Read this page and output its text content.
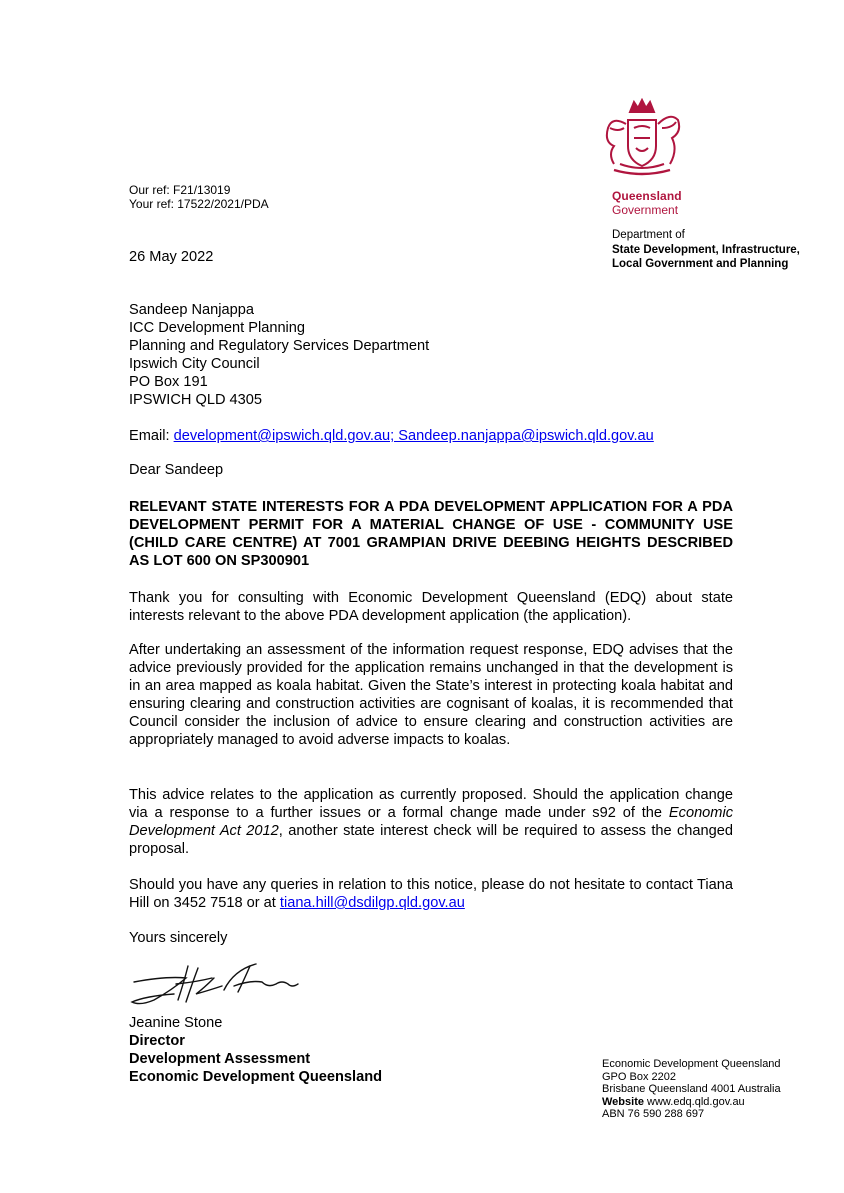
Queensland
Government
Department of
State Development, Infrastructure,
Local Government and Planning
Our ref: F21/13019
Your ref: 17522/2021/PDA
26 May 2022
Sandeep Nanjappa
ICC Development Planning
Planning and Regulatory Services Department
Ipswich City Council
PO Box 191
IPSWICH QLD 4305
Email: development@ipswich.qld.gov.au; Sandeep.nanjappa@ipswich.qld.gov.au
Dear Sandeep
RELEVANT STATE INTERESTS FOR A PDA DEVELOPMENT APPLICATION FOR A PDA DEVELOPMENT PERMIT FOR A MATERIAL CHANGE OF USE - COMMUNITY USE (CHILD CARE CENTRE) AT 7001 GRAMPIAN DRIVE DEEBING HEIGHTS DESCRIBED AS LOT 600 ON SP300901
Thank you for consulting with Economic Development Queensland (EDQ) about state interests relevant to the above PDA development application (the application).
After undertaking an assessment of the information request response, EDQ advises that the advice previously provided for the application remains unchanged in that the development is in an area mapped as koala habitat. Given the State’s interest in protecting koala habitat and ensuring clearing and construction activities are cognisant of koalas, it is recommended that Council consider the inclusion of advice to ensure clearing and construction activities are appropriately managed to avoid adverse impacts to koalas.
This advice relates to the application as currently proposed. Should the application change via a response to a further issues or a formal change made under s92 of the Economic Development Act 2012, another state interest check will be required to assess the changed proposal.
Should you have any queries in relation to this notice, please do not hesitate to contact Tiana Hill on 3452 7518 or at tiana.hill@dsdilgp.qld.gov.au
Yours sincerely
Jeanine Stone
Director
Development Assessment
Economic Development Queensland
Economic Development Queensland
GPO Box 2202
Brisbane Queensland 4001 Australia
Website www.edq.qld.gov.au
ABN 76 590 288 697
